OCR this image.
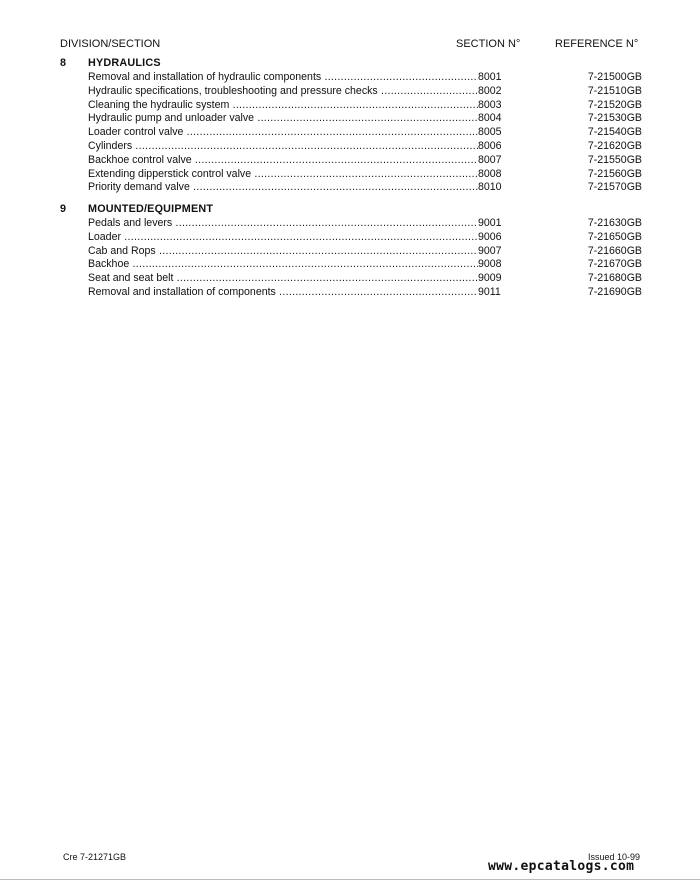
DIVISION/SECTION	SECTION N°	REFERENCE N°
8 HYDRAULICS
Removal and installation of hydraulic components .....	8001	7-21500GB
Hydraulic specifications, troubleshooting and pressure checks .....	8002	7-21510GB
Cleaning the hydraulic system .....	8003	7-21520GB
Hydraulic pump and unloader valve .....	8004	7-21530GB
Loader control valve .....	8005	7-21540GB
Cylinders .....	8006	7-21620GB
Backhoe control valve .....	8007	7-21550GB
Extending dipperstick control valve .....	8008	7-21560GB
Priority demand valve .....	8010	7-21570GB
9 MOUNTED/EQUIPMENT
Pedals and levers .....	9001	7-21630GB
Loader .....	9006	7-21650GB
Cab and Rops .....	9007	7-21660GB
Backhoe .....	9008	7-21670GB
Seat and seat belt .....	9009	7-21680GB
Removal and installation of components .....	9011	7-21690GB
Cre 7-21271GB	Issued 10-99
www.epcatalogs.com
